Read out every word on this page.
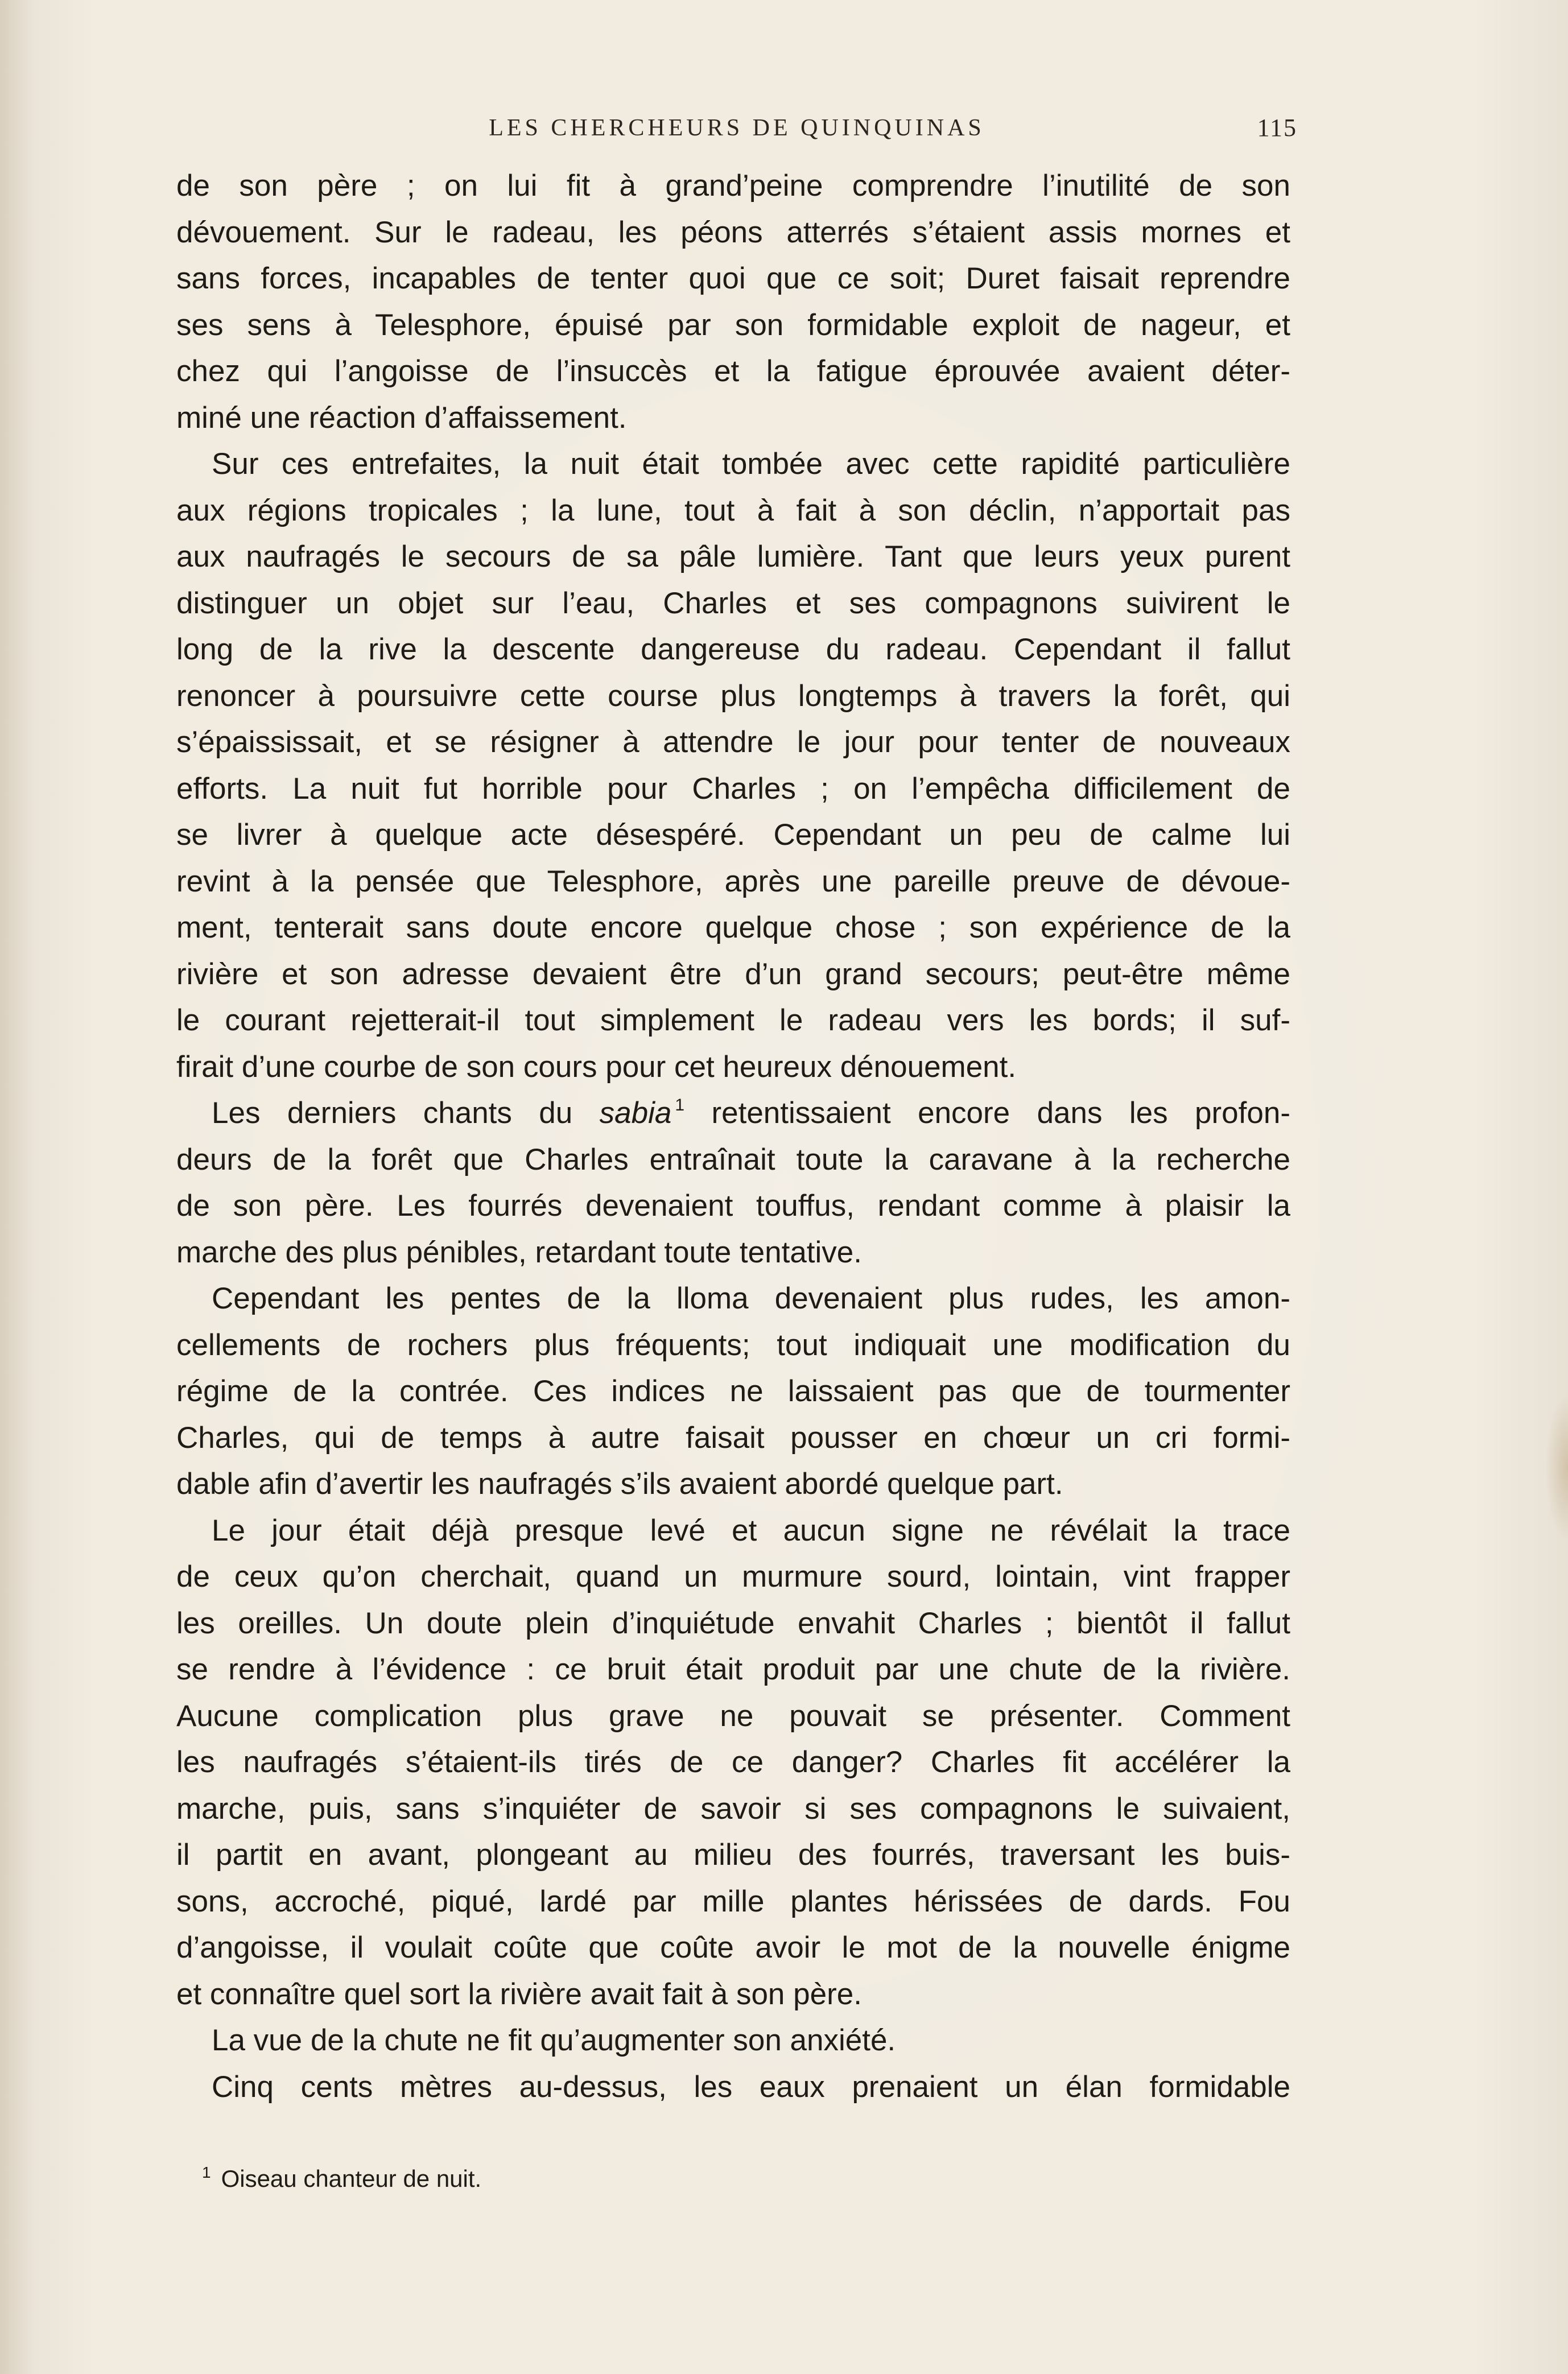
LES CHERCHEURS DE QUINQUINAS	115
de son père ; on lui fit à grand’peine comprendre l’inutilité de son
dévouement. Sur le radeau, les péons atterrés s’étaient assis mornes et
sans forces, incapables de tenter quoi que ce soit; Duret faisait reprendre
ses sens à Telesphore, épuisé par son formidable exploit de nageur, et
chez qui l’angoisse de l’insuccès et la fatigue éprouvée avaient déter-
miné une réaction d’affaissement.
Sur ces entrefaites, la nuit était tombée avec cette rapidité particulière
aux régions tropicales ; la lune, tout à fait à son déclin, n’apportait pas
aux naufragés le secours de sa pâle lumière. Tant que leurs yeux purent
distinguer un objet sur l’eau, Charles et ses compagnons suivirent le
long de la rive la descente dangereuse du radeau. Cependant il fallut
renoncer à poursuivre cette course plus longtemps à travers la forêt, qui
s’épaississait, et se résigner à attendre le jour pour tenter de nouveaux
efforts. La nuit fut horrible pour Charles ; on l’empêcha difficilement de
se livrer à quelque acte désespéré. Cependant un peu de calme lui
revint à la pensée que Telesphore, après une pareille preuve de dévoue-
ment, tenterait sans doute encore quelque chose ; son expérience de la
rivière et son adresse devaient être d’un grand secours; peut-être même
le courant rejetterait-il tout simplement le radeau vers les bords; il suf-
firait d’une courbe de son cours pour cet heureux dénouement.
Les derniers chants du sabia $^1$ retentissaient encore dans les profon-
deurs de la forêt que Charles entraînait toute la caravane à la recherche
de son père. Les fourrés devenaient touffus, rendant comme à plaisir la
marche des plus pénibles, retardant toute tentative.
Cependant les pentes de la lloma devenaient plus rudes, les amon-
cellements de rochers plus fréquents; tout indiquait une modification du
régime de la contrée. Ces indices ne laissaient pas que de tourmenter
Charles, qui de temps à autre faisait pousser en chœur un cri formi-
dable afin d’avertir les naufragés s’ils avaient abordé quelque part.
Le jour était déjà presque levé et aucun signe ne révélait la trace
de ceux qu’on cherchait, quand un murmure sourd, lointain, vint frapper
les oreilles. Un doute plein d’inquiétude envahit Charles ; bientôt il fallut
se rendre à l’évidence : ce bruit était produit par une chute de la rivière.
Aucune complication plus grave ne pouvait se présenter. Comment
les naufragés s’étaient-ils tirés de ce danger? Charles fit accélérer la
marche, puis, sans s’inquiéter de savoir si ses compagnons le suivaient,
il partit en avant, plongeant au milieu des fourrés, traversant les buis-
sons, accroché, piqué, lardé par mille plantes hérissées de dards. Fou
d’angoisse, il voulait coûte que coûte avoir le mot de la nouvelle énigme
et connaître quel sort la rivière avait fait à son père.
La vue de la chute ne fit qu’augmenter son anxiété.
Cinq cents mètres au-dessus, les eaux prenaient un élan formidable
$^1$ Oiseau chanteur de nuit.
